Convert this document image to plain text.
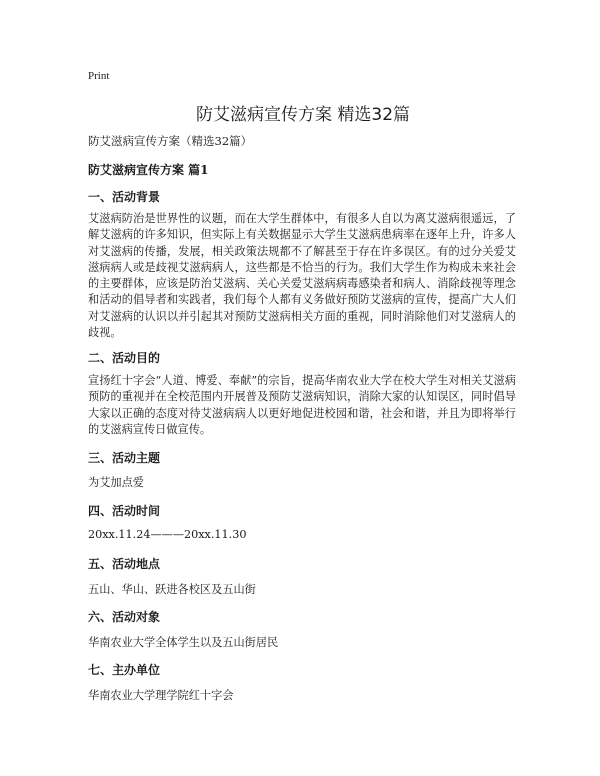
Print
防艾滋病宣传方案 精选32篇
防艾滋病宣传方案（精选32篇）
防艾滋病宣传方案 篇1
一、活动背景

艾滋病防治是世界性的议题，而在大学生群体中，有很多人自以为离艾滋病很遥远，了解艾滋病的许多知识，但实际上有关数据显示大学生艾滋病患病率在逐年上升，许多人对艾滋病的传播，发展，相关政策法规都不了解甚至于存在许多误区。有的过分关爱艾滋病病人或是歧视艾滋病病人，这些都是不恰当的行为。我们大学生作为构成未来社会的主要群体，应该是防治艾滋病、关心关爱艾滋病病毒感染者和病人、消除歧视等理念和活动的倡导者和实践者，我们每个人都有义务做好预防艾滋病的宣传，提高广大人们对艾滋病的认识以并引起其对预防艾滋病相关方面的重视，同时消除他们对艾滋病人的歧视。

二、活动目的

宣扬红十字会“人道、博爱、奉献”的宗旨，提高华南农业大学在校大学生对相关艾滋病预防的重视并在全校范围内开展普及预防艾滋病知识，消除大家的认知误区，同时倡导大家以正确的态度对待艾滋病病人以更好地促进校园和谐，社会和谐，并且为即将举行的艾滋病宣传日做宣传。

三、活动主题

为艾加点爱

四、活动时间

20xx.11.24———20xx.11.30

五、活动地点

五山、华山、跃进各校区及五山街

六、活动对象

华南农业大学全体学生以及五山街居民

七、主办单位

华南农业大学理学院红十字会
